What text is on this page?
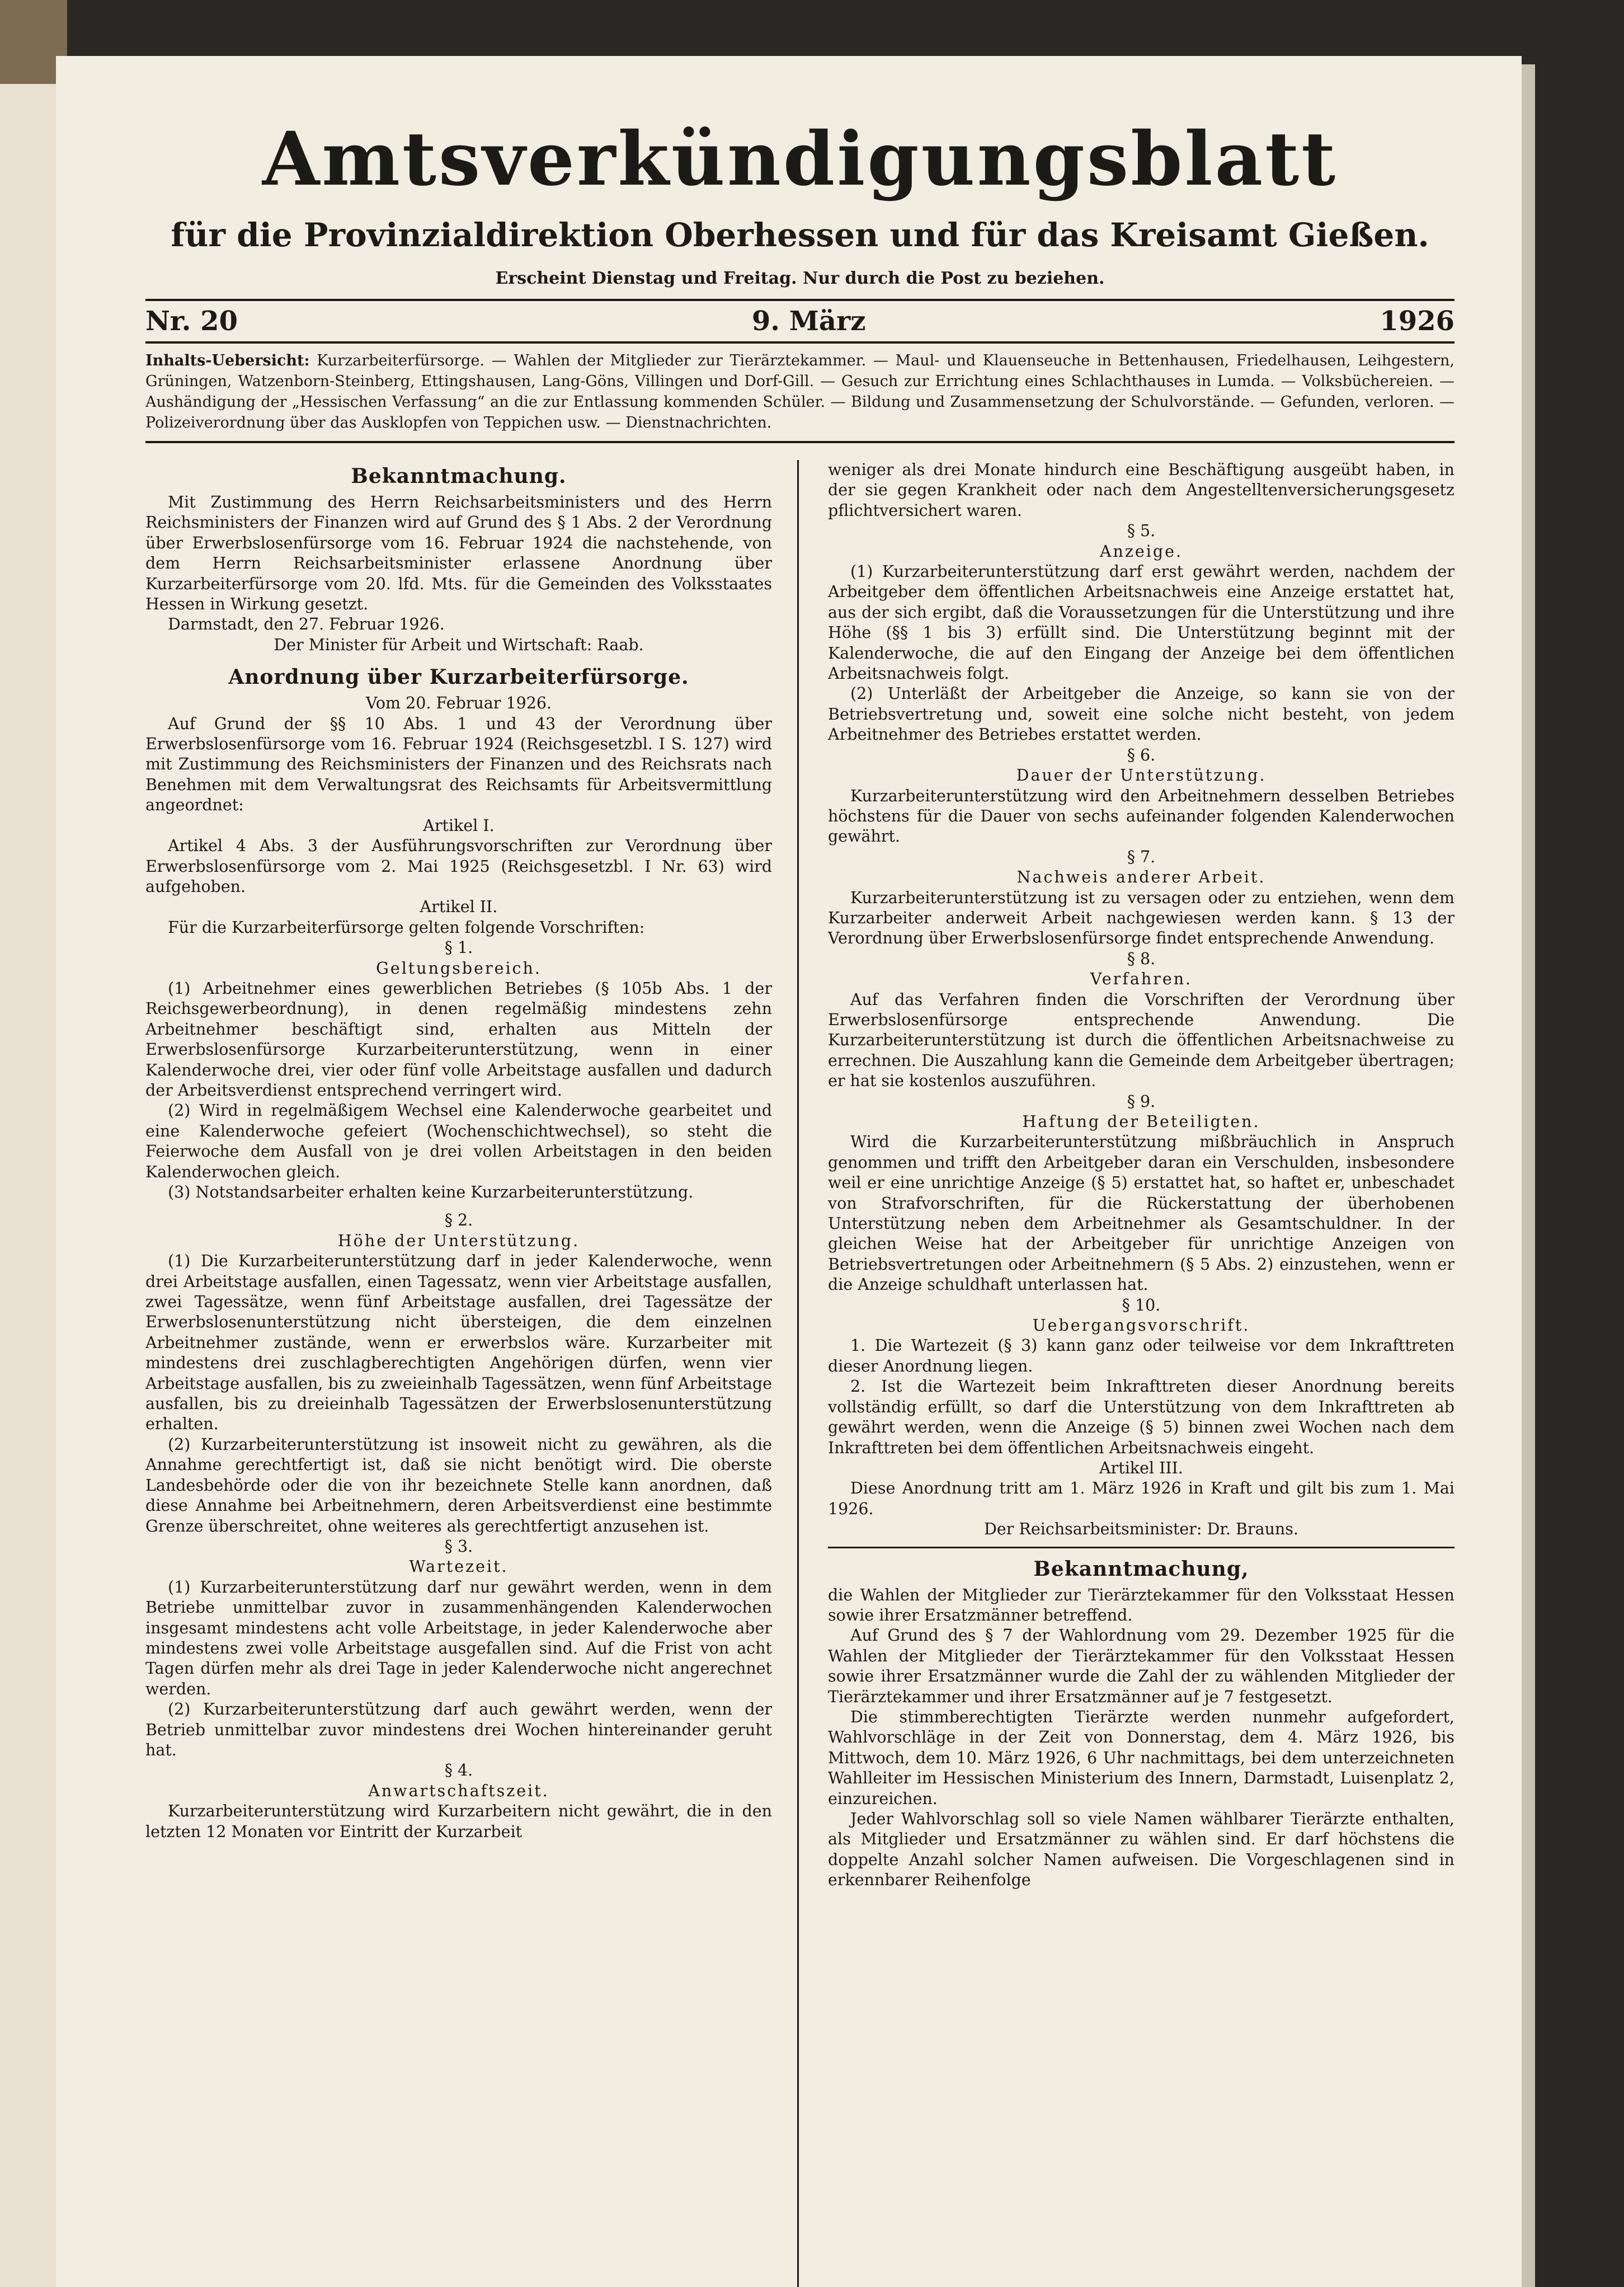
Amtsverkündigungsblatt
für die Provinzialdirektion Oberhessen und für das Kreisamt Gießen.
Erscheint Dienstag und Freitag. Nur durch die Post zu beziehen.
Nr. 20	9. März	1926
Inhalts-Uebersicht: Kurzarbeiterfürsorge. — Wahlen der Mitglieder zur Tierärztekammer. — Maul- und Klauenseuche in Bettenhausen, Friedelhausen, Leihgestern, Grüningen, Watzenborn-Steinberg, Ettingshausen, Lang-Göns, Villingen und Dorf-Gill. — Gesuch zur Errichtung eines Schlachthauses in Lumda. — Volksbüchereien. — Aushändigung der „Hessischen Verfassung“ an die zur Entlassung kommenden Schüler. — Bildung und Zusammensetzung der Schulvorstände. — Gefunden, verloren. — Polizeiverordnung über das Ausklopfen von Teppichen usw. — Dienstnachrichten.
Bekanntmachung.

Mit Zustimmung des Herrn Reichsarbeitsministers und des Herrn Reichsministers der Finanzen wird auf Grund des § 1 Abs. 2 der Verordnung über Erwerbslosenfürsorge vom 16. Februar 1924 die nachstehende, von dem Herrn Reichsarbeitsminister erlassene Anordnung über Kurzarbeiterfürsorge vom 20. lfd. Mts. für die Gemeinden des Volksstaates Hessen in Wirkung gesetzt.

Darmstadt, den 27. Februar 1926.

Der Minister für Arbeit und Wirtschaft: Raab.

Anordnung über Kurzarbeiterfürsorge.

Vom 20. Februar 1926.

Auf Grund der §§ 10 Abs. 1 und 43 der Verordnung über Erwerbslosenfürsorge vom 16. Februar 1924 (Reichsgesetzbl. I S. 127) wird mit Zustimmung des Reichsministers der Finanzen und des Reichsrats nach Benehmen mit dem Verwaltungsrat des Reichsamts für Arbeitsvermittlung angeordnet:

Artikel I.

Artikel 4 Abs. 3 der Ausführungsvorschriften zur Verordnung über Erwerbslosenfürsorge vom 2. Mai 1925 (Reichsgesetzbl. I Nr. 63) wird aufgehoben.

Artikel II.

Für die Kurzarbeiterfürsorge gelten folgende Vorschriften:

§ 1.

Geltungsbereich.

(1) Arbeitnehmer eines gewerblichen Betriebes (§ 105b Abs. 1 der Reichsgewerbeordnung), in denen regelmäßig mindestens zehn Arbeitnehmer beschäftigt sind, erhalten aus Mitteln der Erwerbslosenfürsorge Kurzarbeiterunterstützung, wenn in einer Kalenderwoche drei, vier oder fünf volle Arbeitstage ausfallen und dadurch der Arbeitsverdienst entsprechend verringert wird.

(2) Wird in regelmäßigem Wechsel eine Kalenderwoche gearbeitet und eine Kalenderwoche gefeiert (Wochenschichtwechsel), so steht die Feierwoche dem Ausfall von je drei vollen Arbeitstagen in den beiden Kalenderwochen gleich.

(3) Notstandsarbeiter erhalten keine Kurzarbeiterunterstützung.

§ 2.

Höhe der Unterstützung.

(1) Die Kurzarbeiterunterstützung darf in jeder Kalenderwoche, wenn drei Arbeitstage ausfallen, einen Tagessatz, wenn vier Arbeitstage ausfallen, zwei Tagessätze, wenn fünf Arbeitstage ausfallen, drei Tagessätze der Erwerbslosenunterstützung nicht übersteigen, die dem einzelnen Arbeitnehmer zustände, wenn er erwerbslos wäre. Kurzarbeiter mit mindestens drei zuschlagberechtigten Angehörigen dürfen, wenn vier Arbeitstage ausfallen, bis zu zweieinhalb Tagessätzen, wenn fünf Arbeitstage ausfallen, bis zu dreieinhalb Tagessätzen der Erwerbslosenunterstützung erhalten.

(2) Kurzarbeiterunterstützung ist insoweit nicht zu gewähren, als die Annahme gerechtfertigt ist, daß sie nicht benötigt wird. Die oberste Landesbehörde oder die von ihr bezeichnete Stelle kann anordnen, daß diese Annahme bei Arbeitnehmern, deren Arbeitsverdienst eine bestimmte Grenze überschreitet, ohne weiteres als gerechtfertigt anzusehen ist.

§ 3.

Wartezeit.

(1) Kurzarbeiterunterstützung darf nur gewährt werden, wenn in dem Betriebe unmittelbar zuvor in zusammenhängenden Kalenderwochen insgesamt mindestens acht volle Arbeitstage, in jeder Kalenderwoche aber mindestens zwei volle Arbeitstage ausgefallen sind. Auf die Frist von acht Tagen dürfen mehr als drei Tage in jeder Kalenderwoche nicht angerechnet werden.

(2) Kurzarbeiterunterstützung darf auch gewährt werden, wenn der Betrieb unmittelbar zuvor mindestens drei Wochen hintereinander geruht hat.

§ 4.

Anwartschaftszeit.

Kurzarbeiterunterstützung wird Kurzarbeitern nicht gewährt, die in den letzten 12 Monaten vor Eintritt der Kurzarbeit

weniger als drei Monate hindurch eine Beschäftigung ausgeübt haben, in der sie gegen Krankheit oder nach dem Angestelltenversicherungsgesetz pflichtversichert waren.

§ 5.

Anzeige.

(1) Kurzarbeiterunterstützung darf erst gewährt werden, nachdem der Arbeitgeber dem öffentlichen Arbeitsnachweis eine Anzeige erstattet hat, aus der sich ergibt, daß die Voraussetzungen für die Unterstützung und ihre Höhe (§§ 1 bis 3) erfüllt sind. Die Unterstützung beginnt mit der Kalenderwoche, die auf den Eingang der Anzeige bei dem öffentlichen Arbeitsnachweis folgt.

(2) Unterläßt der Arbeitgeber die Anzeige, so kann sie von der Betriebsvertretung und, soweit eine solche nicht besteht, von jedem Arbeitnehmer des Betriebes erstattet werden.

§ 6.

Dauer der Unterstützung.

Kurzarbeiterunterstützung wird den Arbeitnehmern desselben Betriebes höchstens für die Dauer von sechs aufeinander folgenden Kalenderwochen gewährt.

§ 7.

Nachweis anderer Arbeit.

Kurzarbeiterunterstützung ist zu versagen oder zu entziehen, wenn dem Kurzarbeiter anderweit Arbeit nachgewiesen werden kann. § 13 der Verordnung über Erwerbslosenfürsorge findet entsprechende Anwendung.

§ 8.

Verfahren.

Auf das Verfahren finden die Vorschriften der Verordnung über Erwerbslosenfürsorge entsprechende Anwendung. Die Kurzarbeiterunterstützung ist durch die öffentlichen Arbeitsnachweise zu errechnen. Die Auszahlung kann die Gemeinde dem Arbeitgeber übertragen; er hat sie kostenlos auszuführen.

§ 9.

Haftung der Beteiligten.

Wird die Kurzarbeiterunterstützung mißbräuchlich in Anspruch genommen und trifft den Arbeitgeber daran ein Verschulden, insbesondere weil er eine unrichtige Anzeige (§ 5) erstattet hat, so haftet er, unbeschadet von Strafvorschriften, für die Rückerstattung der überhobenen Unterstützung neben dem Arbeitnehmer als Gesamtschuldner. In der gleichen Weise hat der Arbeitgeber für unrichtige Anzeigen von Betriebsvertretungen oder Arbeitnehmern (§ 5 Abs. 2) einzustehen, wenn er die Anzeige schuldhaft unterlassen hat.

§ 10.

Uebergangsvorschrift.

1. Die Wartezeit (§ 3) kann ganz oder teilweise vor dem Inkrafttreten dieser Anordnung liegen.

2. Ist die Wartezeit beim Inkrafttreten dieser Anordnung bereits vollständig erfüllt, so darf die Unterstützung von dem Inkrafttreten ab gewährt werden, wenn die Anzeige (§ 5) binnen zwei Wochen nach dem Inkrafttreten bei dem öffentlichen Arbeitsnachweis eingeht.

Artikel III.

Diese Anordnung tritt am 1. März 1926 in Kraft und gilt bis zum 1. Mai 1926.

Der Reichsarbeitsminister: Dr. Brauns.

Bekanntmachung,

die Wahlen der Mitglieder zur Tierärztekammer für den Volksstaat Hessen sowie ihrer Ersatzmänner betreffend.

Auf Grund des § 7 der Wahlordnung vom 29. Dezember 1925 für die Wahlen der Mitglieder der Tierärztekammer für den Volksstaat Hessen sowie ihrer Ersatzmänner wurde die Zahl der zu wählenden Mitglieder der Tierärztekammer und ihrer Ersatzmänner auf je 7 festgesetzt.

Die stimmberechtigten Tierärzte werden nunmehr aufgefordert, Wahlvorschläge in der Zeit von Donnerstag, dem 4. März 1926, bis Mittwoch, dem 10. März 1926, 6 Uhr nachmittags, bei dem unterzeichneten Wahlleiter im Hessischen Ministerium des Innern, Darmstadt, Luisenplatz 2, einzureichen.

Jeder Wahlvorschlag soll so viele Namen wählbarer Tierärzte enthalten, als Mitglieder und Ersatzmänner zu wählen sind. Er darf höchstens die doppelte Anzahl solcher Namen aufweisen. Die Vorgeschlagenen sind in erkennbarer Reihenfolge
